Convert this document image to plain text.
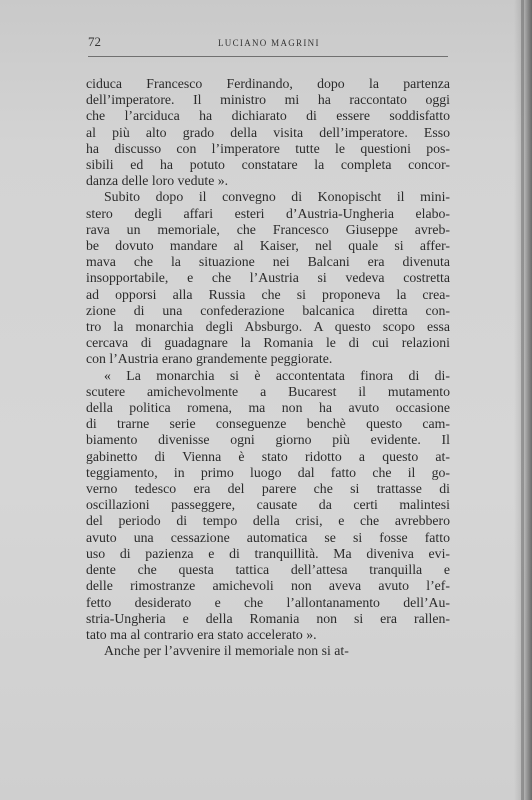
72	LUCIANO MAGRINI
ciduca Francesco Ferdinando, dopo la partenza
dell’imperatore. Il ministro mi ha raccontato oggi
che l’arciduca ha dichiarato di essere soddisfatto
al più alto grado della visita dell’imperatore. Esso
ha discusso con l’imperatore tutte le questioni pos-
sibili ed ha potuto constatare la completa concor-
danza delle loro vedute ».
Subito dopo il convegno di Konopischt il mini-
stero degli affari esteri d’Austria-Ungheria elabo-
rava un memoriale, che Francesco Giuseppe avreb-
be dovuto mandare al Kaiser, nel quale si affer-
mava che la situazione nei Balcani era divenuta
insopportabile, e che l’Austria si vedeva costretta
ad opporsi alla Russia che si proponeva la crea-
zione di una confederazione balcanica diretta con-
tro la monarchia degli Absburgo. A questo scopo essa
cercava di guadagnare la Romania le di cui relazioni
con l’Austria erano grandemente peggiorate.
« La monarchia si è accontentata finora di di-
scutere amichevolmente a Bucarest il mutamento
della politica romena, ma non ha avuto occasione
di trarne serie conseguenze benchè questo cam-
biamento divenisse ogni giorno più evidente. Il
gabinetto di Vienna è stato ridotto a questo at-
teggiamento, in primo luogo dal fatto che il go-
verno tedesco era del parere che si trattasse di
oscillazioni passeggere, causate da certi malintesi
del periodo di tempo della crisi, e che avrebbero
avuto una cessazione automatica se si fosse fatto
uso di pazienza e di tranquillità. Ma diveniva evi-
dente che questa tattica dell’attesa tranquilla e
delle rimostranze amichevoli non aveva avuto l’ef-
fetto desiderato e che l’allontanamento dell’Au-
stria-Ungheria e della Romania non si era rallen-
tato ma al contrario era stato accelerato ».
Anche per l’avvenire il memoriale non si at-
